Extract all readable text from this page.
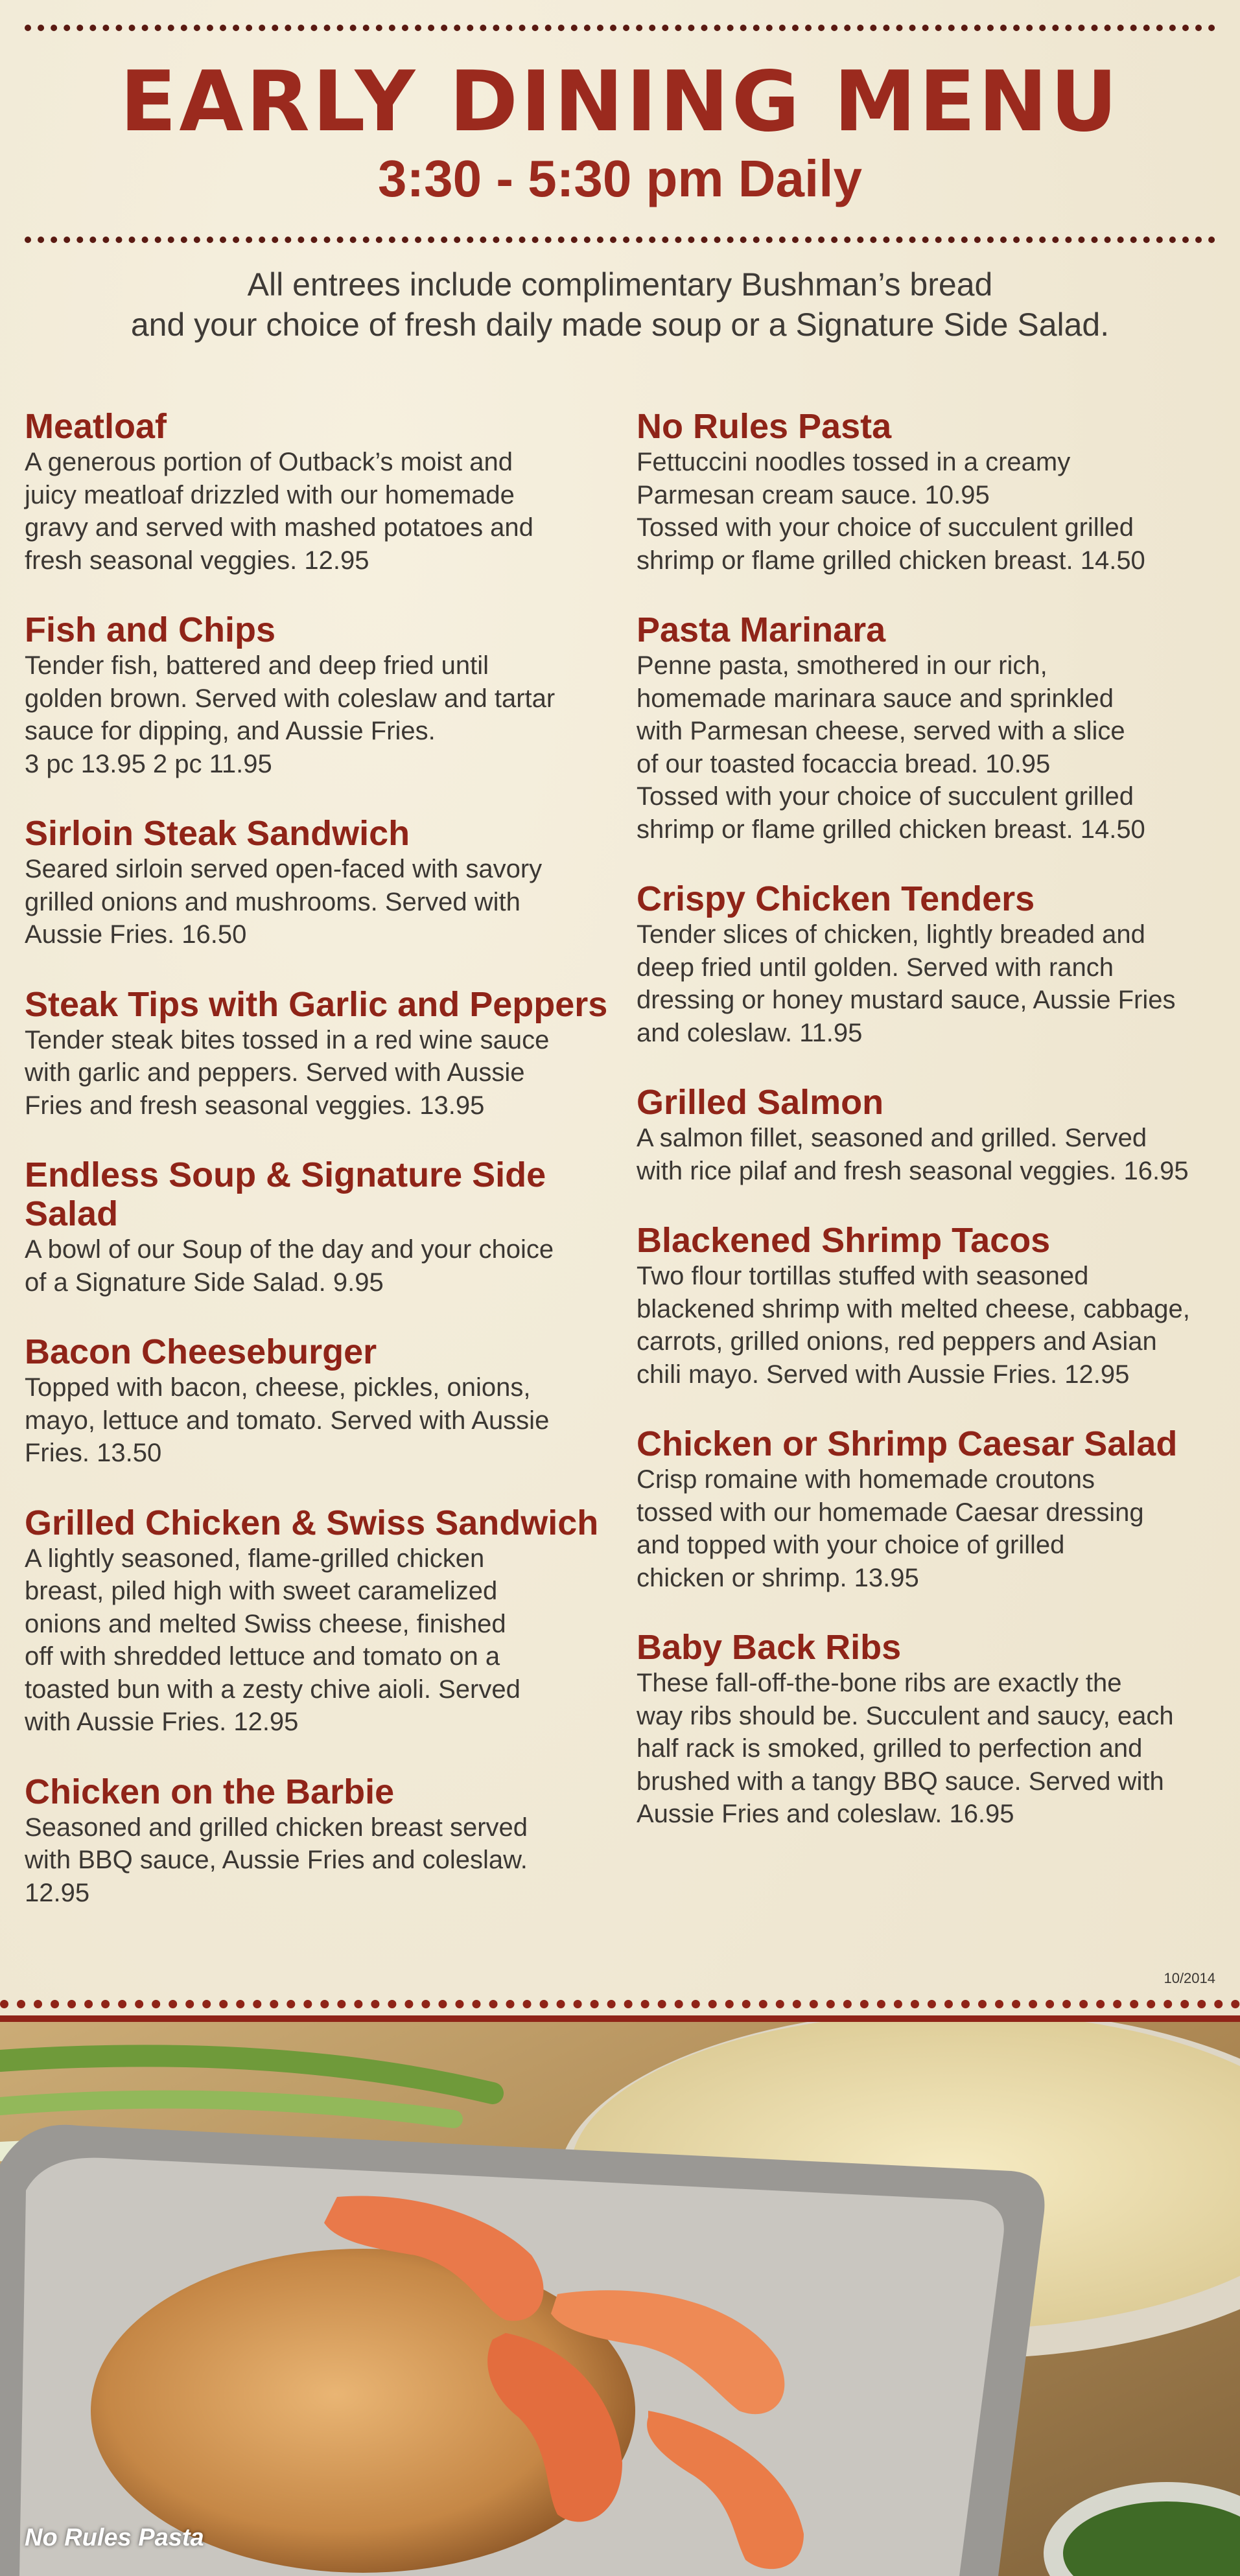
EARLY DINING MENU
3:30 - 5:30 pm Daily
All entrees include complimentary Bushman’s bread
and your choice of fresh daily made soup or a Signature Side Salad.

Meatloaf

A generous portion of Outback’s moist and
juicy meatloaf drizzled with our homemade
gravy and served with mashed potatoes and
fresh seasonal veggies. 12.95

Fish and Chips

Tender fish, battered and deep fried until
golden brown. Served with coleslaw and tartar
sauce for dipping, and Aussie Fries.
3 pc 13.95 2 pc 11.95

Sirloin Steak Sandwich

Seared sirloin served open-faced with savory
grilled onions and mushrooms. Served with
Aussie Fries. 16.50

Steak Tips with Garlic and Peppers

Tender steak bites tossed in a red wine sauce
with garlic and peppers. Served with Aussie
Fries and fresh seasonal veggies. 13.95

Endless Soup & Signature Side Salad

A bowl of our Soup of the day and your choice
of a Signature Side Salad. 9.95

Bacon Cheeseburger

Topped with bacon, cheese, pickles, onions,
mayo, lettuce and tomato. Served with Aussie
Fries. 13.50

Grilled Chicken & Swiss Sandwich

A lightly seasoned, flame-grilled chicken
breast, piled high with sweet caramelized
onions and melted Swiss cheese, finished
off with shredded lettuce and tomato on a
toasted bun with a zesty chive aioli. Served
with Aussie Fries. 12.95

Chicken on the Barbie

Seasoned and grilled chicken breast served
with BBQ sauce, Aussie Fries and coleslaw.
12.95

No Rules Pasta

Fettuccini noodles tossed in a creamy
Parmesan cream sauce. 10.95
Tossed with your choice of succulent grilled
shrimp or flame grilled chicken breast. 14.50

Pasta Marinara

Penne pasta, smothered in our rich,
homemade marinara sauce and sprinkled
with Parmesan cheese, served with a slice
of our toasted focaccia bread. 10.95
Tossed with your choice of succulent grilled
shrimp or flame grilled chicken breast. 14.50

Crispy Chicken Tenders

Tender slices of chicken, lightly breaded and
deep fried until golden. Served with ranch
dressing or honey mustard sauce, Aussie Fries
and coleslaw. 11.95

Grilled Salmon

A salmon fillet, seasoned and grilled. Served
with rice pilaf and fresh seasonal veggies. 16.95

Blackened Shrimp Tacos

Two flour tortillas stuffed with seasoned
blackened shrimp with melted cheese, cabbage,
carrots, grilled onions, red peppers and Asian
chili mayo. Served with Aussie Fries. 12.95

Chicken or Shrimp Caesar Salad

Crisp romaine with homemade croutons
tossed with our homemade Caesar dressing
and topped with your choice of grilled
chicken or shrimp. 13.95

Baby Back Ribs

These fall-off-the-bone ribs are exactly the
way ribs should be. Succulent and saucy, each
half rack is smoked, grilled to perfection and
brushed with a tangy BBQ sauce. Served with
Aussie Fries and coleslaw. 16.95

10/2014
No Rules Pasta
